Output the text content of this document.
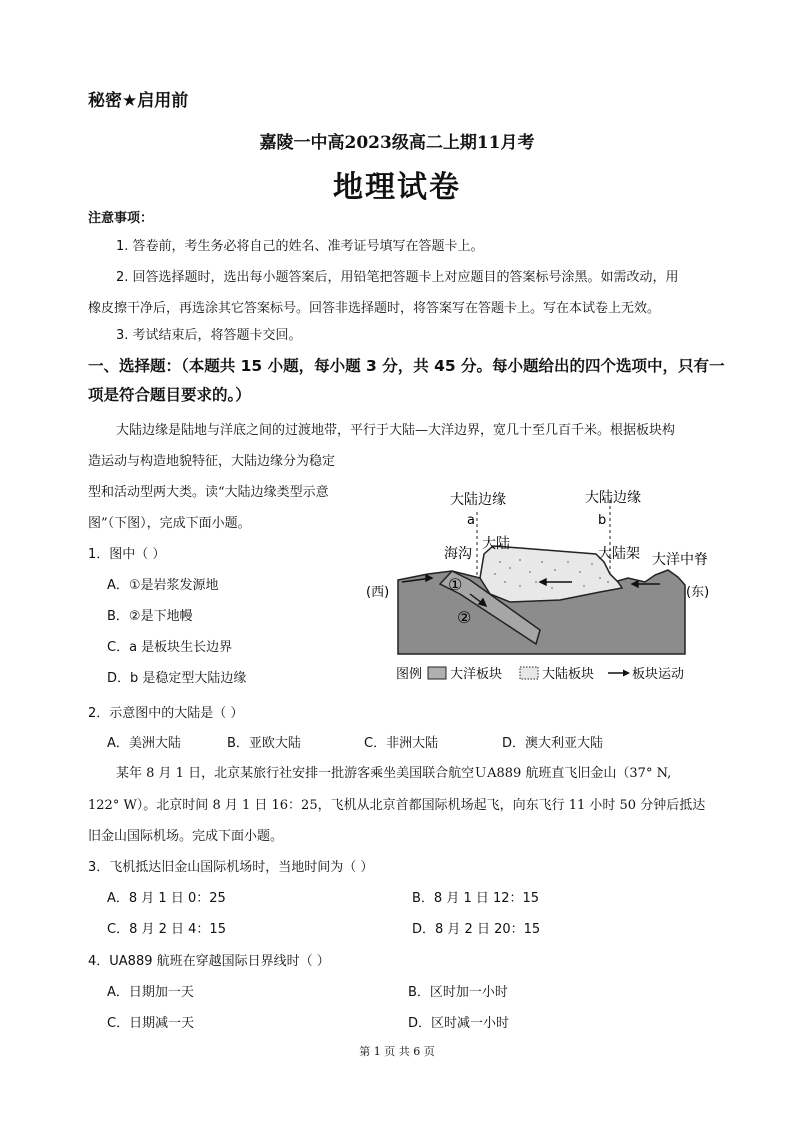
秘密★启用前
嘉陵一中高2023级高二上期11月考
地理试卷
注意事项：
1. 答卷前，考生务必将自己的姓名、准考证号填写在答题卡上。
2. 回答选择题时，选出每小题答案后，用铅笔把答题卡上对应题目的答案标号涂黑。如需改动，用
橡皮擦干净后，再选涂其它答案标号。回答非选择题时，将答案写在答题卡上。写在本试卷上无效。
3. 考试结束后，将答题卡交回。
一、选择题：（本题共 15 小题，每小题 3 分，共 45 分。每小题给出的四个选项中，只有一
项是符合题目要求的。）
大陆边缘是陆地与洋底之间的过渡地带，平行于大陆—大洋边界，宽几十至几百千米。根据板块构
造运动与构造地貌特征，大陆边缘分为稳定
型和活动型两大类。读“大陆边缘类型示意
图”（下图），完成下面小题。
1．图中（ ）
A．①是岩浆发源地
B．②是下地幔
C．a 是板块生长边界
D．b 是稳定型大陆边缘
大陆边缘	大陆边缘
a	b
海沟
大陆
大陆架 大洋中脊
(西)	(东)
①
②
图例 大洋板块	大陆板块	板块运动
2．示意图中的大陆是（ ）
A．美洲大陆	B．亚欧大陆	C．非洲大陆	D．澳大利亚大陆
某年 8 月 1 日，北京某旅行社安排一批游客乘坐美国联合航空ＵA889 航班直飞旧金山（37° N,
122° W）。北京时间 8 月 1 日 16：25，飞机从北京首都国际机场起飞，向东飞行 11 小时 50 分钟后抵达
旧金山国际机场。完成下面小题。
3．飞机抵达旧金山国际机场时，当地时间为（ ）
A．8 月 1 日 0：25	B．8 月 1 日 12：15
C．8 月 2 日 4：15	D．8 月 2 日 20：15
4．UA889 航班在穿越国际日界线时（ ）
A．日期加一天	B．区时加一小时
C．日期减一天	D．区时减一小时
第 1 页 共 6 页
